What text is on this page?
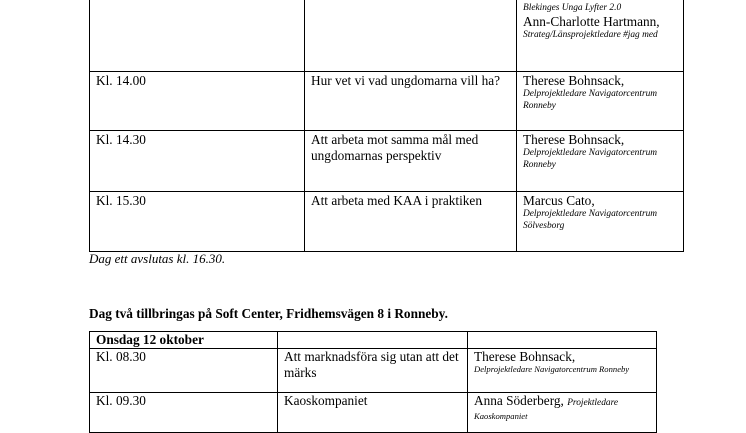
		Blekinges Unga Lyfter 2.0
Ann-Charlotte Hartmann,
Strateg/Länsprojektledare #jag med

Kl. 14.00	Hur vet vi vad ungdomarna vill ha?	Therese Bohnsack,
Delprojektledare Navigatorcentrum Ronneby

Kl. 14.30	Att arbeta mot samma mål med ungdomarnas perspektiv	Therese Bohnsack,
Delprojektledare Navigatorcentrum Ronneby

Kl. 15.30	Att arbeta med KAA i praktiken	Marcus Cato,
Delprojektledare Navigatorcentrum Sölvesborg

Dag ett avslutas kl. 16.30.

Dag två tillbringas på Soft Center, Fridhemsvägen 8 i Ronneby.

Onsdag 12 oktober		
Kl. 08.30	Att marknadsföra sig utan att det märks	Therese Bohnsack,
Delprojektledare Navigatorcentrum Ronneby

Kl. 09.30	Kaoskompaniet	Anna Söderberg, Projektledare
Kaoskompaniet
